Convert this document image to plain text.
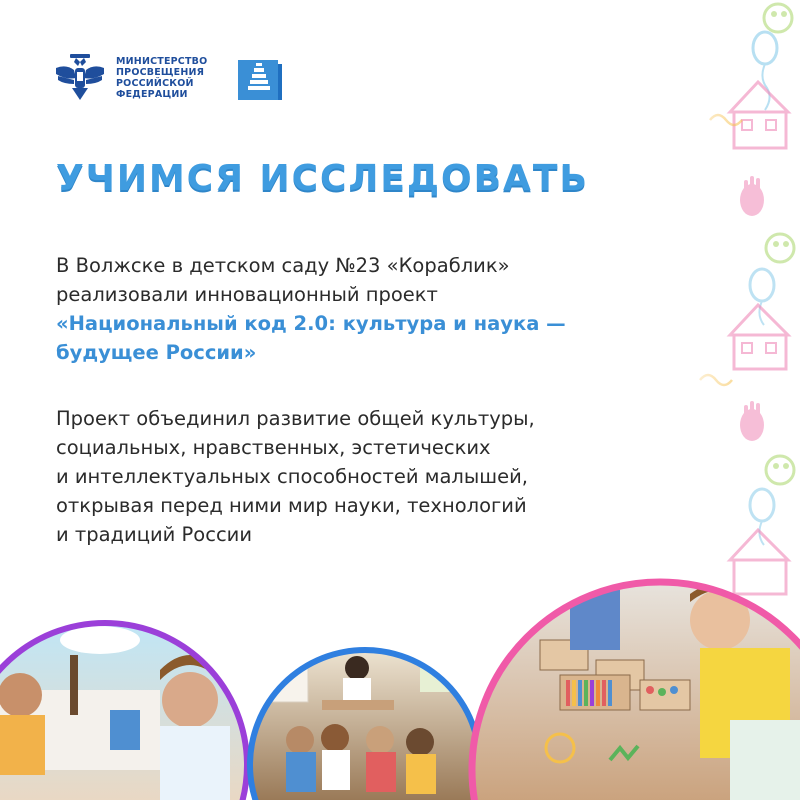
МИНИСТЕРСТВО
ПРОСВЕЩЕНИЯ
РОССИЙСКОЙ
ФЕДЕРАЦИИ
УЧИМСЯ ИССЛЕДОВАТЬ
В Волжске в детском саду №23 «Кораблик»
реализовали инновационный проект
«Национальный код 2.0: культура и наука —
будущее России»
Проект объединил развитие общей культуры,
социальных, нравственных, эстетических
и интеллектуальных способностей малышей,
открывая перед ними мир науки, технологий
и традиций России
